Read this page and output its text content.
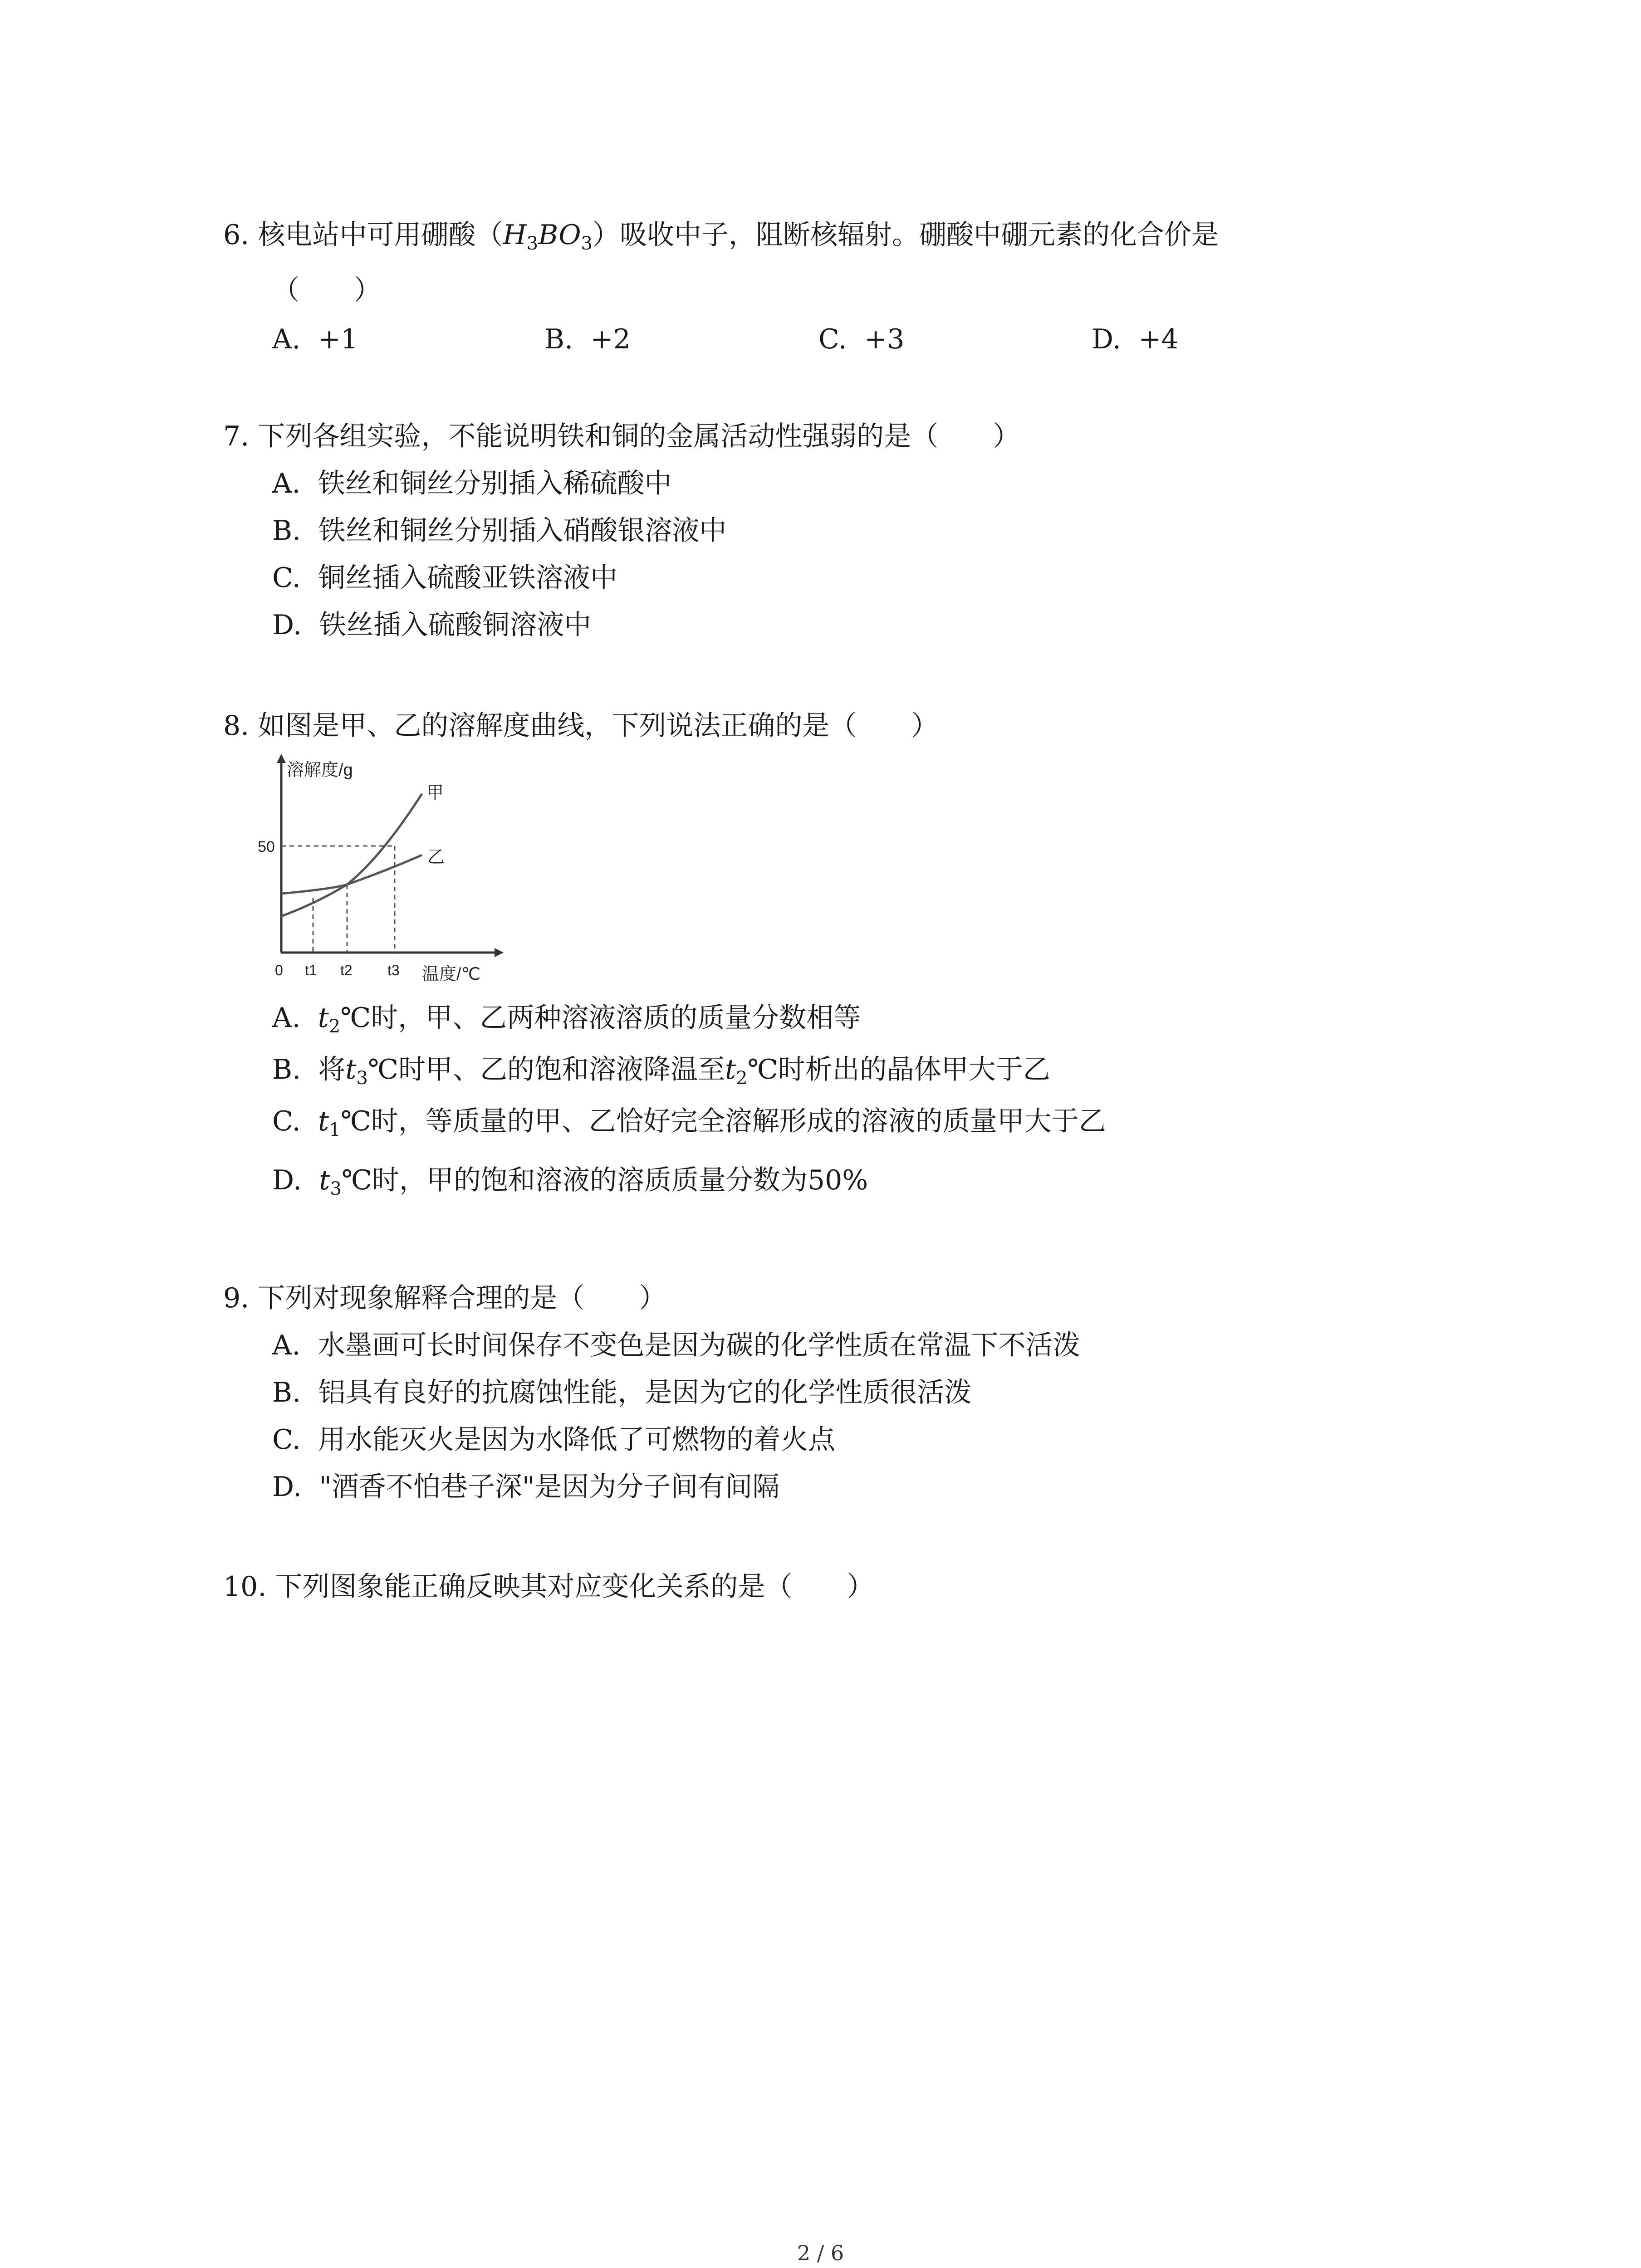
6. 核电站中可用硼酸$(H_3BO_3)$吸收中子，阻断核辐射。硼酸中硼元素的化合价是
（　　）
A. +1	B. +2	C. +3	D. +4
7. 下列各组实验，不能说明铁和铜的金属活动性强弱的是（　　）
A. 铁丝和铜丝分别插入稀硫酸中
B. 铁丝和铜丝分别插入硝酸银溶液中
C. 铜丝插入硫酸亚铁溶液中
D. 铁丝插入硫酸铜溶液中
8. 如图是甲、乙的溶解度曲线，下列说法正确的是（　　）
溶解度/g
甲
乙
50
0 t1 t2 t3 温度/℃
A. $t_2℃$时，甲、乙两种溶液溶质的质量分数相等
B. 将$t_3℃$时甲、乙的饱和溶液降温至$t_2℃$时析出的晶体甲大于乙
C. $t_1℃$时，等质量的甲、乙恰好完全溶解形成的溶液的质量甲大于乙
D. $t_3℃$时，甲的饱和溶液的溶质质量分数为50%
9. 下列对现象解释合理的是（　　）
A. 水墨画可长时间保存不变色是因为碳的化学性质在常温下不活泼
B. 铝具有良好的抗腐蚀性能，是因为它的化学性质很活泼
C. 用水能灭火是因为水降低了可燃物的着火点
D. "酒香不怕巷子深"是因为分子间有间隔
10. 下列图象能正确反映其对应变化关系的是（　　）
2 / 6
